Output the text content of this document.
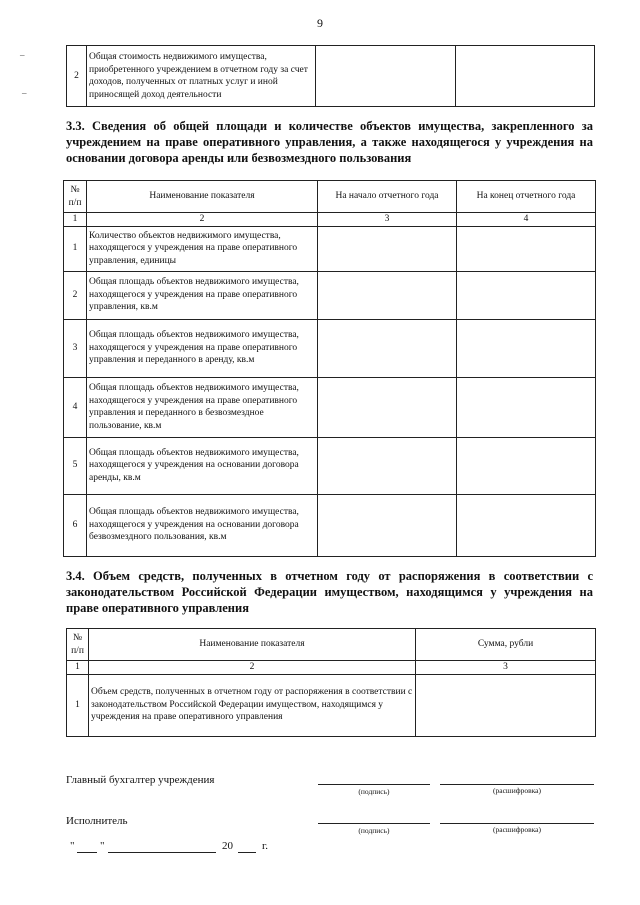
–
–
9
2	Общая стоимость недвижимого имущества, приобретенного учреждением в отчетном году за счет доходов, полученных от платных услуг и иной приносящей доход деятельности		
3.3. Сведения об общей площади и количестве объектов имущества, закрепленного за учреждением на праве оперативного управления, а также находящегося у учреждения на основании договора аренды или безвозмездного пользования
№ п/п	Наименование показателя	На начало отчетного года	На конец отчетного года
1	2	3	4
1	Количество объектов недвижимого имущества, находящегося у учреждения на праве оперативного управления, единицы		
2	Общая площадь объектов недвижимого имущества, находящегося у учреждения на праве оперативного управления, кв.м		
3	Общая площадь объектов недвижимого имущества, находящегося у учреждения на праве оперативного управления и переданного в аренду, кв.м		
4	Общая площадь объектов недвижимого имущества, находящегося у учреждения на праве оперативного управления и переданного в безвозмездное пользование, кв.м		
5	Общая площадь объектов недвижимого имущества, находящегося у учреждения на основании договора аренды, кв.м		
6	Общая площадь объектов недвижимого имущества, находящегося у учреждения на основании договора безвозмездного пользования, кв.м		
3.4. Объем средств, полученных в отчетном году от распоряжения в соответствии с законодательством Российской Федерации имуществом, находящимся у учреждения на праве оперативного управления
№ п/п	Наименование показателя	Сумма, рубли
1	2	3
1	Объем средств, полученных в отчетном году от распоряжения в соответствии с законодательством Российской Федерации имуществом, находящимся у учреждения на праве оперативного управления	
Главный бухгалтер учреждения
(подпись)	(расшифровка)
Исполнитель
(подпись)	(расшифровка)
" "	20	г.
